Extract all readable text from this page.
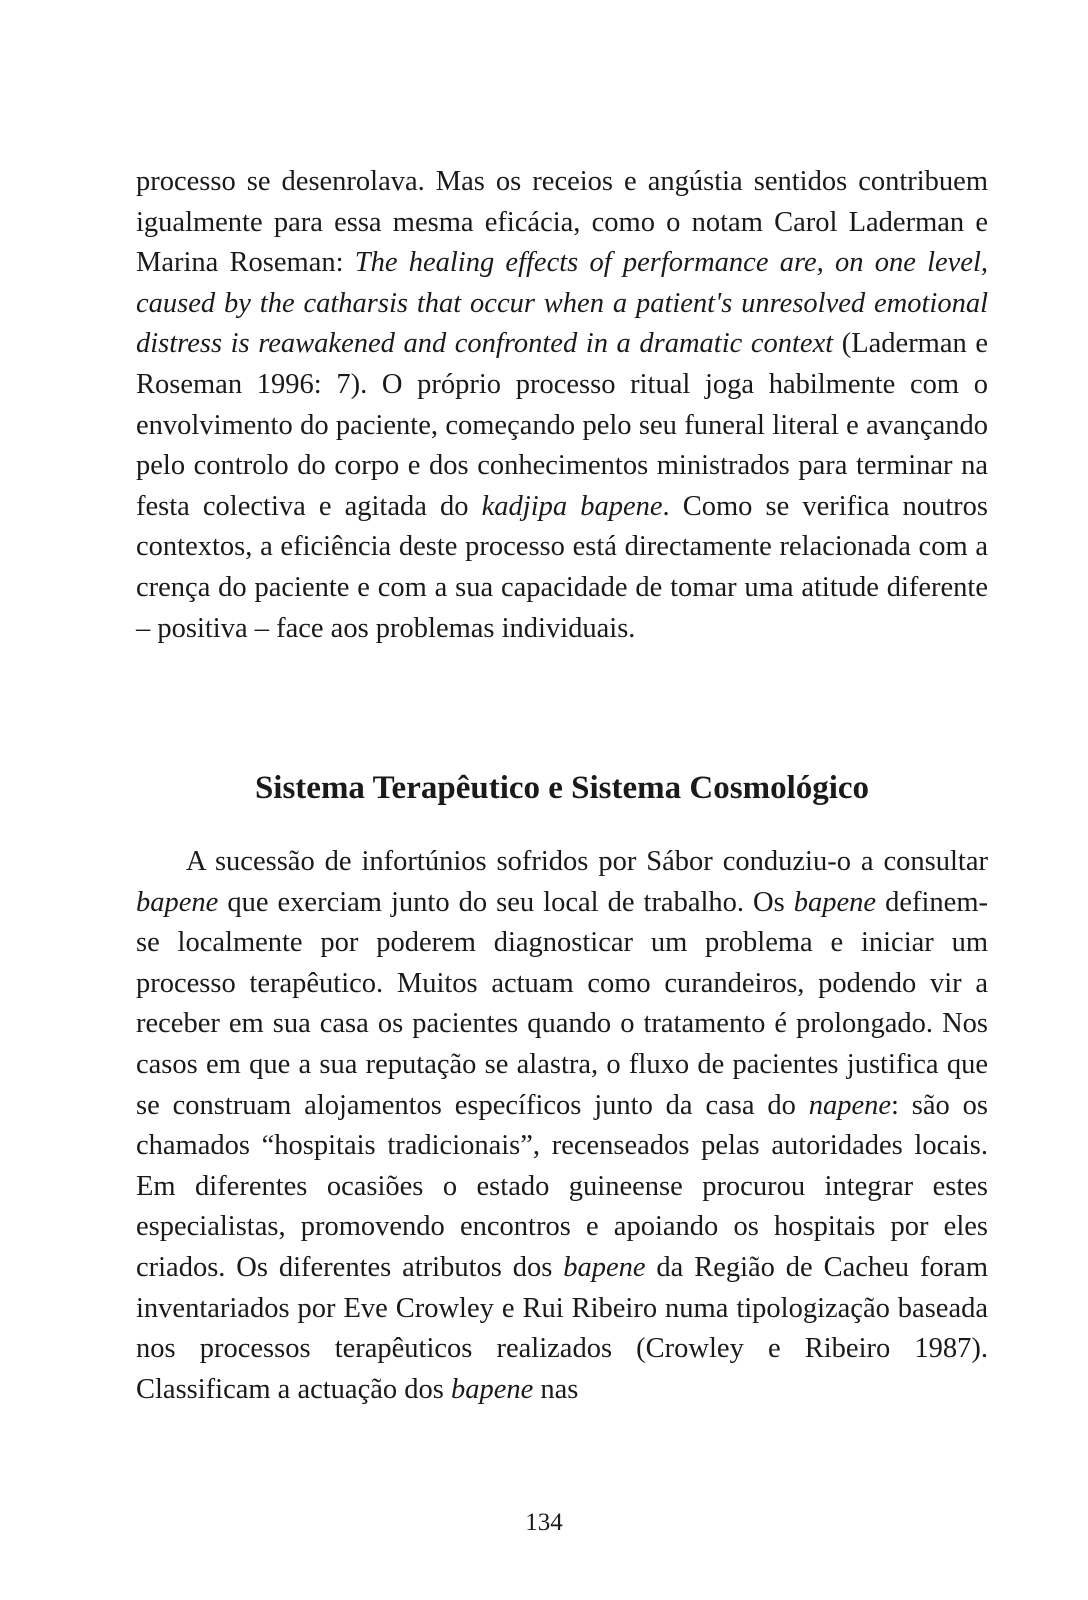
processo se desenrolava. Mas os receios e angústia sentidos contribuem igualmente para essa mesma eficácia, como o notam Carol Laderman e Marina Roseman: The healing effects of performance are, on one level, caused by the catharsis that occur when a patient's unresolved emotional distress is reawakened and confronted in a dramatic context (Laderman e Roseman 1996: 7). O próprio processo ritual joga habilmente com o envolvimento do paciente, começando pelo seu funeral literal e avançando pelo controlo do corpo e dos conhecimentos ministrados para terminar na festa colectiva e agitada do kadjipa bapene. Como se verifica noutros contextos, a eficiência deste processo está directamente relacionada com a crença do paciente e com a sua capacidade de tomar uma atitude diferente – positiva – face aos problemas individuais.

Sistema Terapêutico e Sistema Cosmológico

A sucessão de infortúnios sofridos por Sábor conduziu-o a consultar bapene que exerciam junto do seu local de trabalho. Os bapene definem-se localmente por poderem diagnosticar um problema e iniciar um processo terapêutico. Muitos actuam como curandeiros, podendo vir a receber em sua casa os pacientes quando o tratamento é prolongado. Nos casos em que a sua reputação se alastra, o fluxo de pacientes justifica que se construam alojamentos específicos junto da casa do napene: são os chamados “hospitais tradicionais”, recenseados pelas autoridades locais. Em diferentes ocasiões o estado guineense procurou integrar estes especialistas, promovendo encontros e apoiando os hospitais por eles criados. Os diferentes atributos dos bapene da Região de Cacheu foram inventariados por Eve Crowley e Rui Ribeiro numa tipologização baseada nos processos terapêuticos realizados (Crowley e Ribeiro 1987). Classificam a actuação dos bapene nas

134
